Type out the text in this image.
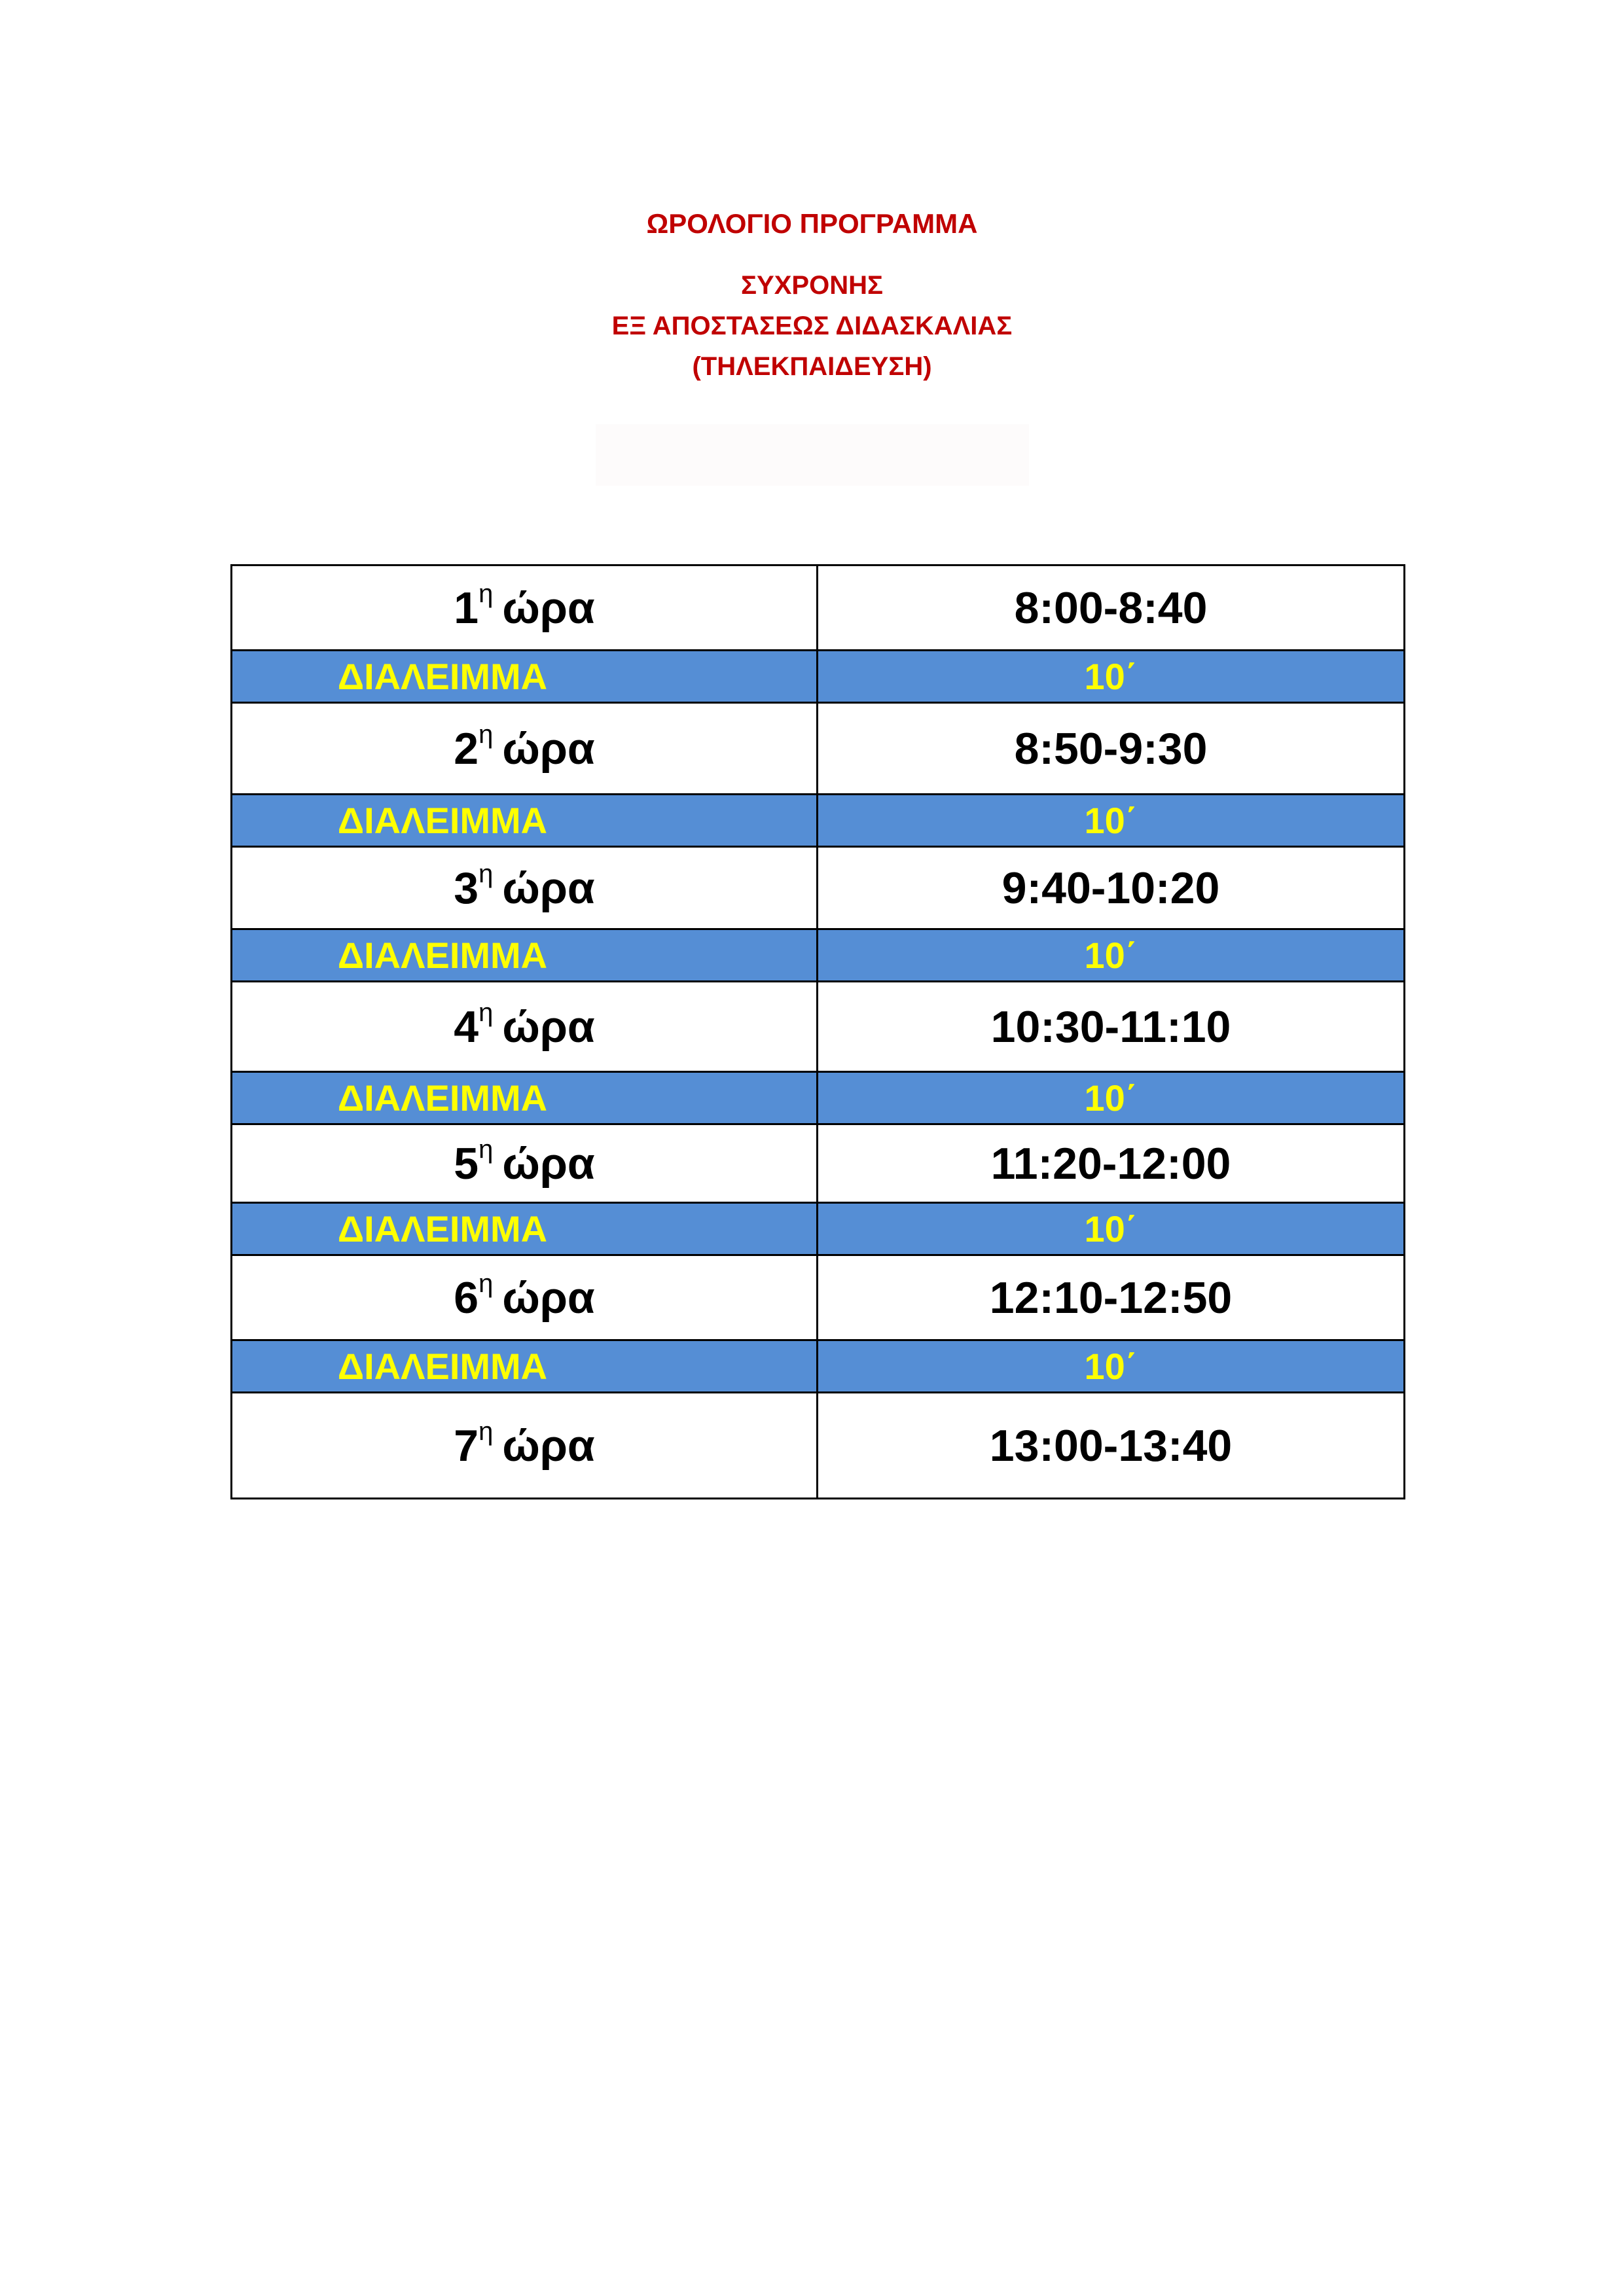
ΩΡΟΛΟΓΙΟ ΠΡΟΓΡΑΜΜΑ
ΣΥΧΡΟΝΗΣ
ΕΞ ΑΠΟΣΤΑΣΕΩΣ ΔΙΔΑΣΚΑΛΙΑΣ
(ΤΗΛΕΚΠΑΙΔΕΥΣΗ)
$1^\eta$ ώρα	8:00-8:40
ΔΙΑΛΕΙΜΜΑ	10΄
$2^\eta$ ώρα	8:50-9:30
ΔΙΑΛΕΙΜΜΑ	10΄
$3^\eta$ ώρα	9:40-10:20
ΔΙΑΛΕΙΜΜΑ	10΄
$4^\eta$ ώρα	10:30-11:10
ΔΙΑΛΕΙΜΜΑ	10΄
$5^\eta$ ώρα	11:20-12:00
ΔΙΑΛΕΙΜΜΑ	10΄
$6^\eta$ ώρα	12:10-12:50
ΔΙΑΛΕΙΜΜΑ	10΄
$7^\eta$ ώρα	13:00-13:40
